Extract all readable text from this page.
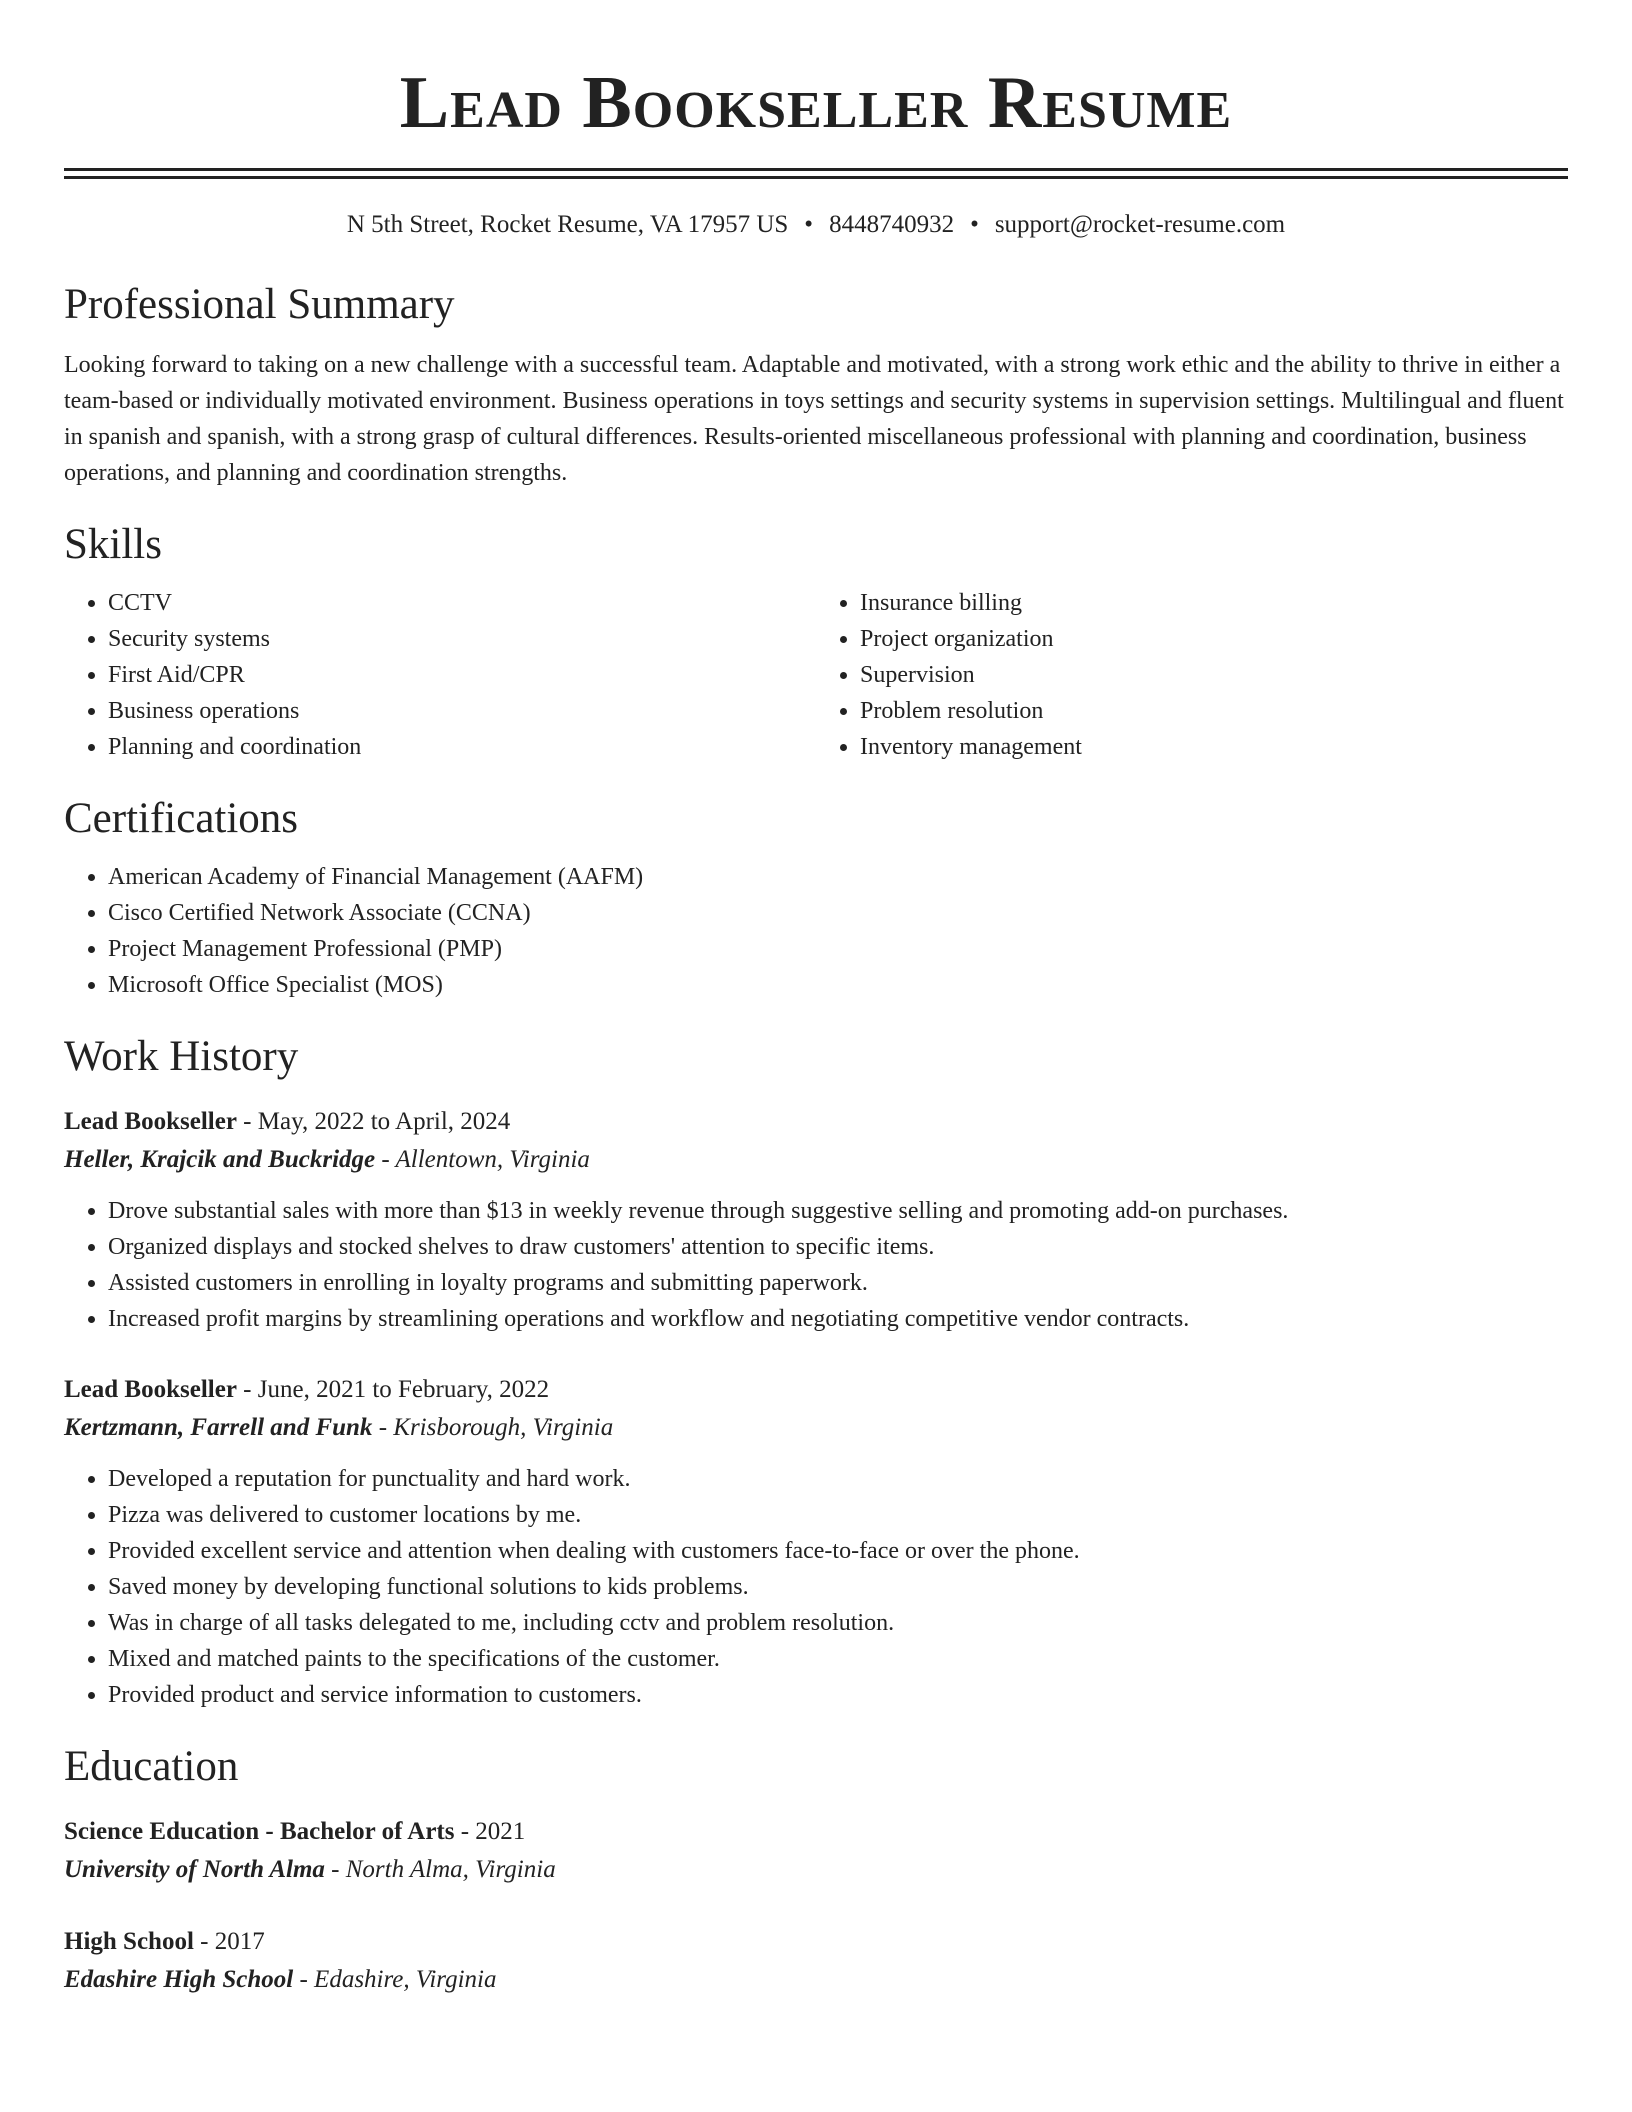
Lead Bookseller Resume
N 5th Street, Rocket Resume, VA 17957 US • 8448740932 • support@rocket-resume.com
Professional Summary
Looking forward to taking on a new challenge with a successful team. Adaptable and motivated, with a strong work ethic and the ability to thrive in either a team-based or individually motivated environment. Business operations in toys settings and security systems in supervision settings. Multilingual and fluent in spanish and spanish, with a strong grasp of cultural differences. Results-oriented miscellaneous professional with planning and coordination, business operations, and planning and coordination strengths.
Skills
• CCTV
• Security systems
• First Aid/CPR
• Business operations
• Planning and coordination
• Insurance billing
• Project organization
• Supervision
• Problem resolution
• Inventory management
Certifications
• American Academy of Financial Management (AAFM)
• Cisco Certified Network Associate (CCNA)
• Project Management Professional (PMP)
• Microsoft Office Specialist (MOS)
Work History
Lead Bookseller - May, 2022 to April, 2024
Heller, Krajcik and Buckridge - Allentown, Virginia
• Drove substantial sales with more than $13 in weekly revenue through suggestive selling and promoting add-on purchases.
• Organized displays and stocked shelves to draw customers' attention to specific items.
• Assisted customers in enrolling in loyalty programs and submitting paperwork.
• Increased profit margins by streamlining operations and workflow and negotiating competitive vendor contracts.
Lead Bookseller - June, 2021 to February, 2022
Kertzmann, Farrell and Funk - Krisborough, Virginia
• Developed a reputation for punctuality and hard work.
• Pizza was delivered to customer locations by me.
• Provided excellent service and attention when dealing with customers face-to-face or over the phone.
• Saved money by developing functional solutions to kids problems.
• Was in charge of all tasks delegated to me, including cctv and problem resolution.
• Mixed and matched paints to the specifications of the customer.
• Provided product and service information to customers.
Education
Science Education - Bachelor of Arts - 2021
University of North Alma - North Alma, Virginia
High School - 2017
Edashire High School - Edashire, Virginia
